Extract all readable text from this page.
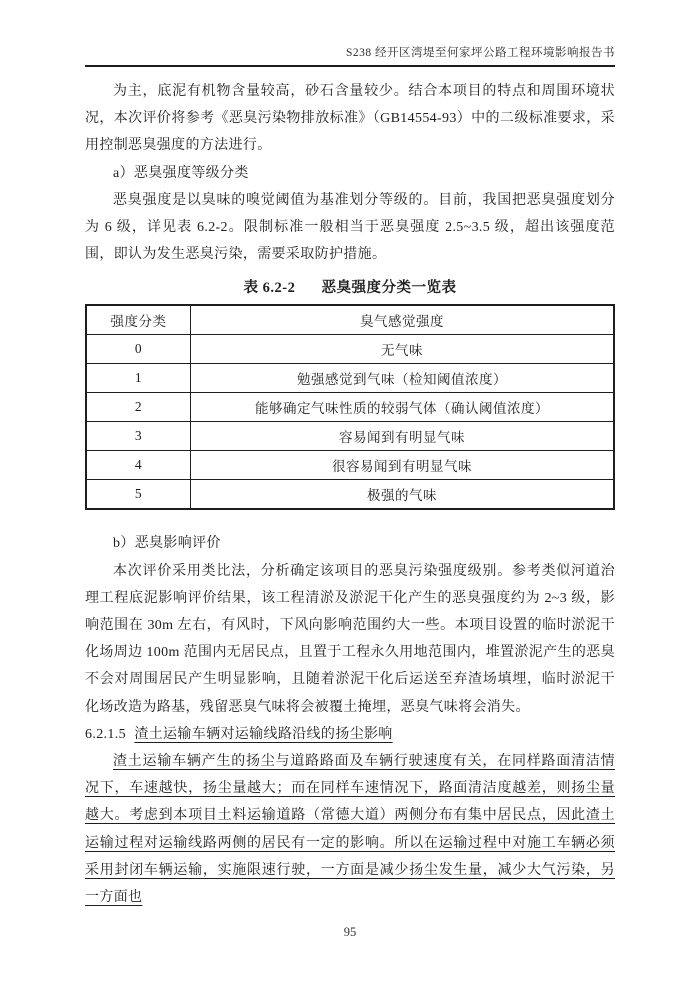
S238 经开区湾堤至何家坪公路工程环境影响报告书

为主，底泥有机物含量较高，砂石含量较少。结合本项目的特点和周围环境状况，本次评价将参考《恶臭污染物排放标准》（GB14554-93）中的二级标准要求，采用控制恶臭强度的方法进行。

a）恶臭强度等级分类

恶臭强度是以臭味的嗅觉阈值为基准划分等级的。目前，我国把恶臭强度划分为 6 级，详见表 6.2-2。限制标准一般相当于恶臭强度 2.5~3.5 级，超出该强度范围，即认为发生恶臭污染，需要采取防护措施。

表 6.2-2 恶臭强度分类一览表
强度分类	臭气感觉强度
0	无气味
1	勉强感觉到气味（检知阈值浓度）
2	能够确定气味性质的较弱气体（确认阈值浓度）
3	容易闻到有明显气味
4	很容易闻到有明显气味
5	极强的气味

b）恶臭影响评价

本次评价采用类比法，分析确定该项目的恶臭污染强度级别。参考类似河道治理工程底泥影响评价结果，该工程清淤及淤泥干化产生的恶臭强度约为 2~3 级，影响范围在 30m 左右，有风时，下风向影响范围约大一些。本项目设置的临时淤泥干化场周边 100m 范围内无居民点，且置于工程永久用地范围内，堆置淤泥产生的恶臭不会对周围居民产生明显影响，且随着淤泥干化后运送至弃渣场填埋，临时淤泥干化场改造为路基，残留恶臭气味将会被覆土掩埋，恶臭气味将会消失。

6.2.1.5 渣土运输车辆对运输线路沿线的扬尘影响

渣土运输车辆产生的扬尘与道路路面及车辆行驶速度有关，在同样路面清洁情况下，车速越快，扬尘量越大；而在同样车速情况下，路面清洁度越差，则扬尘量越大。考虑到本项目土料运输道路（常德大道）两侧分布有集中居民点，因此渣土运输过程对运输线路两侧的居民有一定的影响。所以在运输过程中对施工车辆必须采用封闭车辆运输，实施限速行驶，一方面是减少扬尘发生量，减少大气污染，另一方面也

95
